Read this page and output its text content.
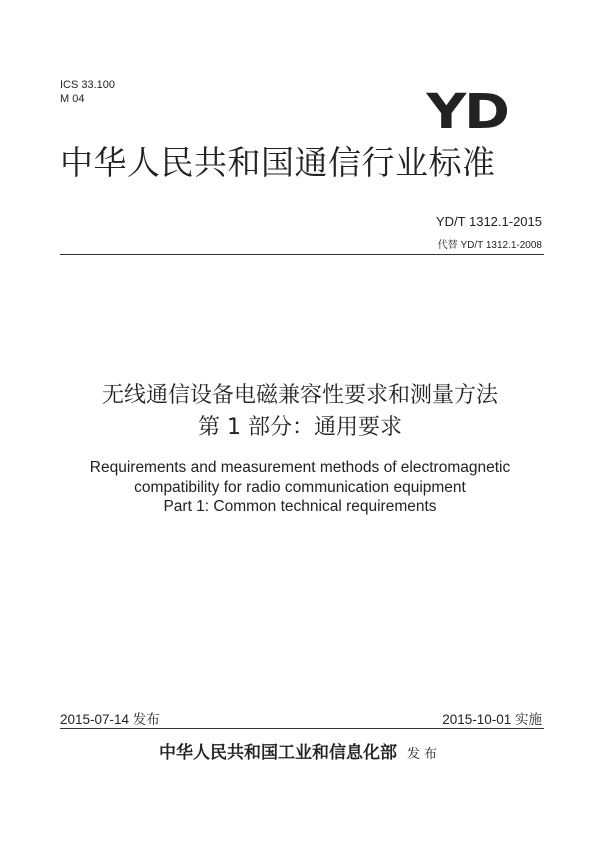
ICS 33.100
M 04	YD
中华人民共和国通信行业标准
YD/T 1312.1-2015
代替 YD/T 1312.1-2008
无线通信设备电磁兼容性要求和测量方法
第 1 部分：通用要求
Requirements and measurement methods of electromagnetic
compatibility for radio communication equipment
Part 1: Common technical requirements
2015-07-14 发布	2015-10-01 实施
中华人民共和国工业和信息化部 发布
